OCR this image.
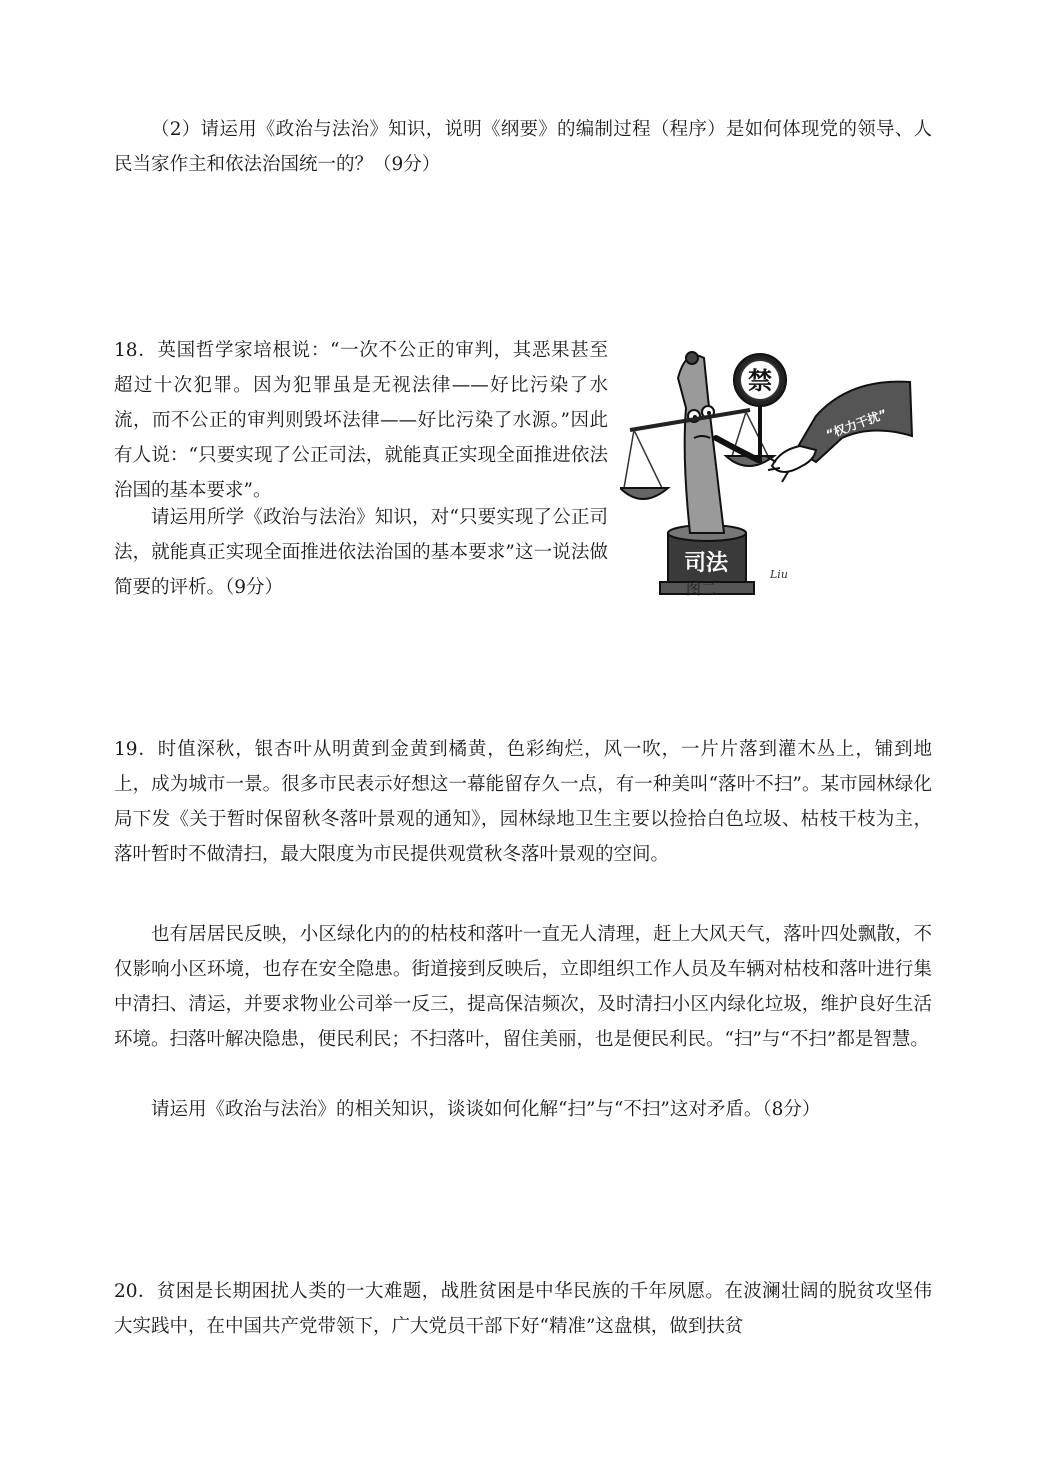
（2）请运用《政治与法治》知识，说明《纲要》的编制过程（程序）是如何体现党的领导、人民当家作主和依法治国统一的？（9分）

18．英国哲学家培根说：“一次不公正的审判，其恶果甚至超过十次犯罪。因为犯罪虽是无视法律——好比污染了水流，而不公正的审判则毁坏法律——好比污染了水源。”因此有人说：“只要实现了公正司法，就能真正实现全面推进依法治国的基本要求”。

请运用所学《政治与法治》知识，对“只要实现了公正司法，就能真正实现全面推进依法治国的基本要求”这一说法做简要的评析。（9分）

司法
禁
“权力干扰”
Liu
图二

19．时值深秋，银杏叶从明黄到金黄到橘黄，色彩绚烂，风一吹，一片片落到灌木丛上，铺到地上，成为城市一景。很多市民表示好想这一幕能留存久一点，有一种美叫“落叶不扫”。某市园林绿化局下发《关于暂时保留秋冬落叶景观的通知》，园林绿地卫生主要以捡拾白色垃圾、枯枝干枝为主，落叶暂时不做清扫，最大限度为市民提供观赏秋冬落叶景观的空间。

也有居居民反映，小区绿化内的的枯枝和落叶一直无人清理，赶上大风天气，落叶四处飘散，不仅影响小区环境，也存在安全隐患。街道接到反映后，立即组织工作人员及车辆对枯枝和落叶进行集中清扫、清运，并要求物业公司举一反三，提高保洁频次，及时清扫小区内绿化垃圾，维护良好生活环境。扫落叶解决隐患，便民利民；不扫落叶，留住美丽，也是便民利民。“扫”与“不扫”都是智慧。

请运用《政治与法治》的相关知识，谈谈如何化解“扫”与“不扫”这对矛盾。（8分）

20．贫困是长期困扰人类的一大难题，战胜贫困是中华民族的千年夙愿。在波澜壮阔的脱贫攻坚伟大实践中，在中国共产党带领下，广大党员干部下好“精准”这盘棋，做到扶贫
